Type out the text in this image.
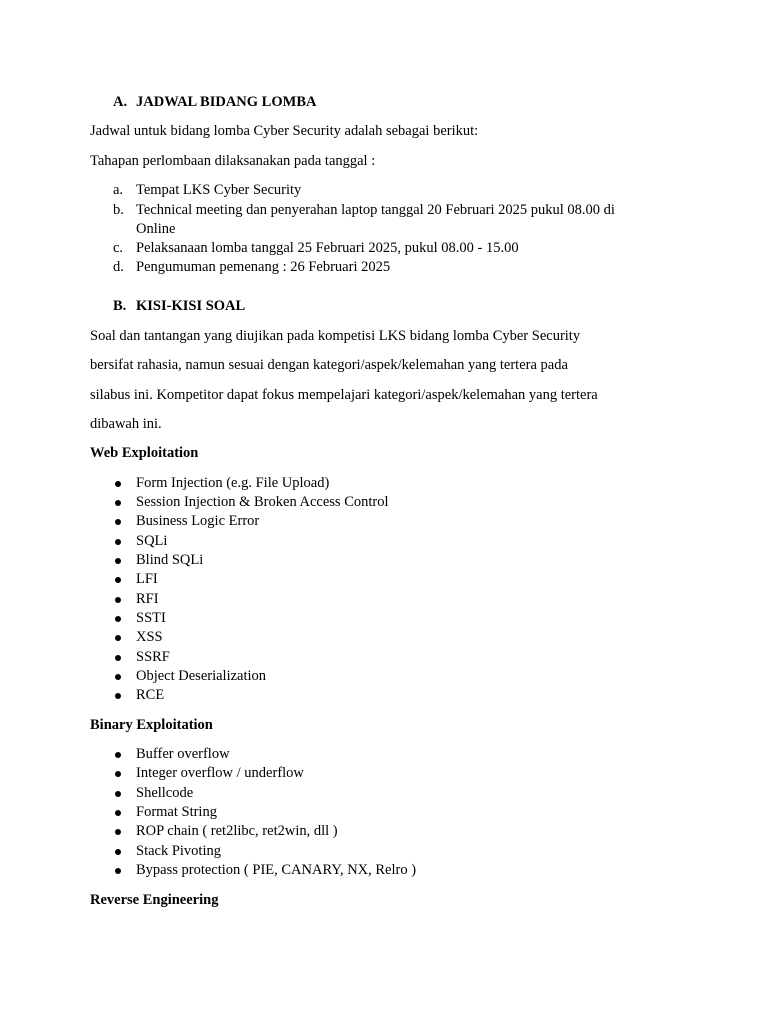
A. JADWAL BIDANG LOMBA
Jadwal untuk bidang lomba Cyber Security adalah sebagai berikut:
Tahapan perlombaan dilaksanakan pada tanggal :
a. Tempat LKS Cyber Security
b. Technical meeting dan penyerahan laptop tanggal 20 Februari 2025 pukul 08.00 di
Online
c. Pelaksanaan lomba tanggal 25 Februari 2025, pukul 08.00 - 15.00
d. Pengumuman pemenang : 26 Februari 2025
B. KISI-KISI SOAL
Soal dan tantangan yang diujikan pada kompetisi LKS bidang lomba Cyber Security
bersifat rahasia, namun sesuai dengan kategori/aspek/kelemahan yang tertera pada
silabus ini. Kompetitor dapat fokus mempelajari kategori/aspek/kelemahan yang tertera
dibawah ini.
Web Exploitation
Form Injection (e.g. File Upload)
Session Injection & Broken Access Control
Business Logic Error
SQLi
Blind SQLi
LFI
RFI
SSTI
XSS
SSRF
Object Deserialization
RCE
Binary Exploitation
Buffer overflow
Integer overflow / underflow
Shellcode
Format String
ROP chain ( ret2libc, ret2win, dll )
Stack Pivoting
Bypass protection ( PIE, CANARY, NX, Relro )
Reverse Engineering
